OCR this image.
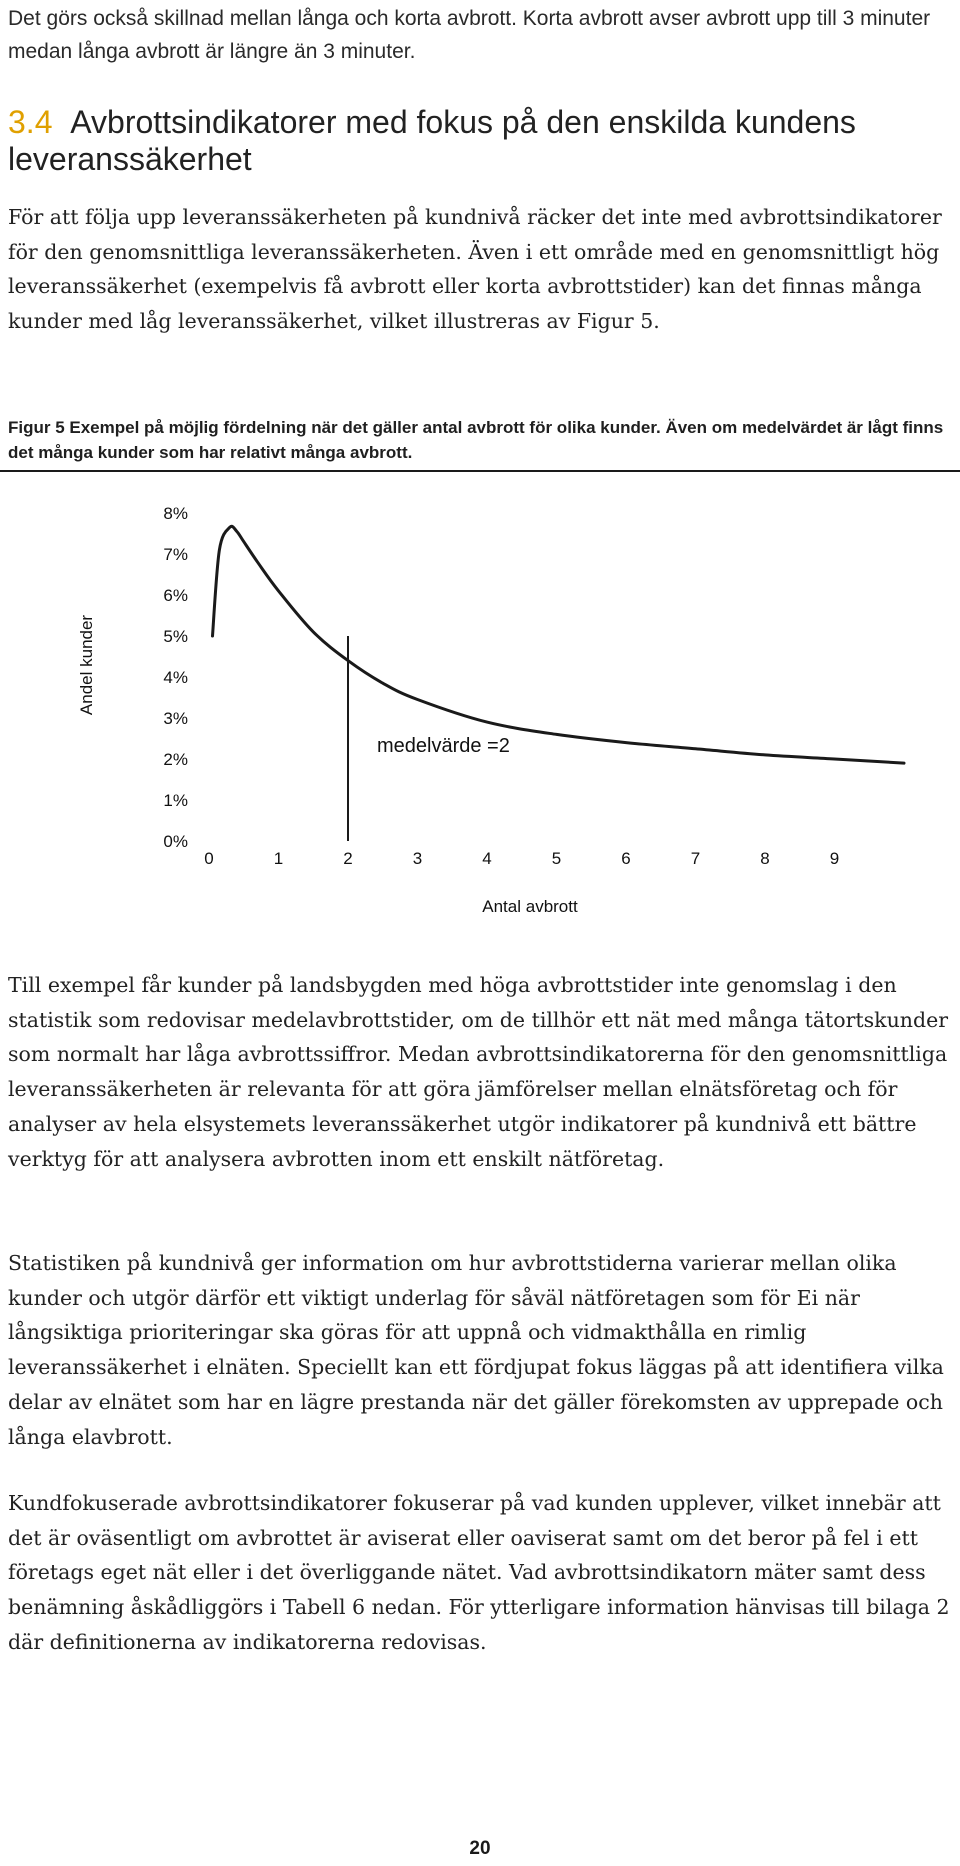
Det görs också skillnad mellan långa och korta avbrott. Korta avbrott avser avbrott upp till 3 minuter medan långa avbrott är längre än 3 minuter.

3.4 Avbrottsindikatorer med fokus på den enskilda kundens leveranssäkerhet

För att följa upp leveranssäkerheten på kundnivå räcker det inte med avbrottsindikatorer för den genomsnittliga leveranssäkerheten. Även i ett område med en genomsnittligt hög leveranssäkerhet (exempelvis få avbrott eller korta avbrottstider) kan det finnas många kunder med låg leveranssäkerhet, vilket illustreras av Figur 5.

Figur 5 Exempel på möjlig fördelning när det gäller antal avbrott för olika kunder. Även om medelvärdet är lågt finns det många kunder som har relativt många avbrott.

0%
1%
2%
3%
4%
5%
6%
7%
8%
0	1	2	3	4	5	6	7	8	9
Andel kunder
Antal avbrott
medelvärde =2

Till exempel får kunder på landsbygden med höga avbrottstider inte genomslag i den statistik som redovisar medelavbrottstider, om de tillhör ett nät med många tätortskunder som normalt har låga avbrottssiffror. Medan avbrottsindikatorerna för den genomsnittliga leveranssäkerheten är relevanta för att göra jämförelser mellan elnätsföretag och för analyser av hela elsystemets leveranssäkerhet utgör indikatorer på kundnivå ett bättre verktyg för att analysera avbrotten inom ett enskilt nätföretag.

Statistiken på kundnivå ger information om hur avbrottstiderna varierar mellan olika kunder och utgör därför ett viktigt underlag för såväl nätföretagen som för Ei när långsiktiga prioriteringar ska göras för att uppnå och vidmakthålla en rimlig leveranssäkerhet i elnäten. Speciellt kan ett fördjupat fokus läggas på att identifiera vilka delar av elnätet som har en lägre prestanda när det gäller förekomsten av upprepade och långa elavbrott.

Kundfokuserade avbrottsindikatorer fokuserar på vad kunden upplever, vilket innebär att det är oväsentligt om avbrottet är aviserat eller oaviserat samt om det beror på fel i ett företags eget nät eller i det överliggande nätet. Vad avbrottsindikatorn mäter samt dess benämning åskådliggörs i Tabell 6 nedan. För ytterligare information hänvisas till bilaga 2 där definitionerna av indikatorerna redovisas.

20
